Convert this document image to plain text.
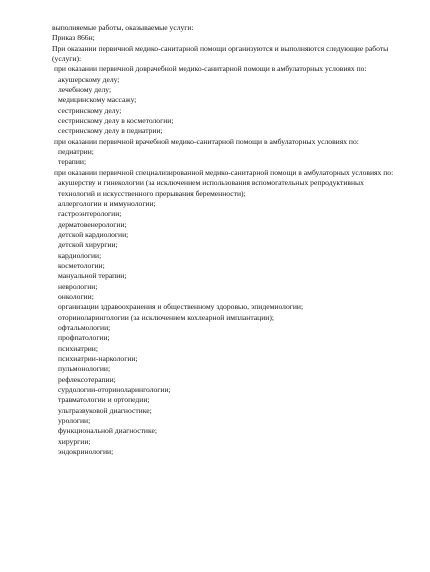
выполняемые работы, оказываемые услуги:
Приказ 866н;
При оказании первичной медико-санитарной помощи организуются и выполняются следующие работы (услуги):
при оказании первичной доврачебной медико-санитарной помощи в амбулаторных условиях по:
акушерскому делу;
лечебному делу;
медицинскому массажу;
сестринскому делу;
сестринскому делу в косметологии;
сестринскому делу в педиатрии;
при оказании первичной врачебной медико-санитарной помощи в амбулаторных условиях по:
педиатрии;
терапии;
при оказании первичной специализированной медико-санитарной помощи в амбулаторных условиях по:
акушерству и гинекологии (за исключением использования вспомогательных репродуктивных технологий и искусственного прерывания беременности);
аллергологии и иммунологии;
гастроэнтерологии;
дерматовенерологии;
детской кардиологии;
детской хирургии;
кардиологии;
косметологии;
мануальной терапии;
неврологии;
онкологии;
организации здравоохранения и общественному здоровью, эпидемиологии;
оториноларингологии (за исключением кохлеарной имплантации);
офтальмологии;
профпатологии;
психиатрии;
психиатрии-наркологии;
пульмонологии;
рефлексотерапии;
сурдологии-оториноларингологии;
травматологии и ортопедии;
ультразвуковой диагностике;
урологии;
функциональной диагностике;
хирургии;
эндокринологии;
